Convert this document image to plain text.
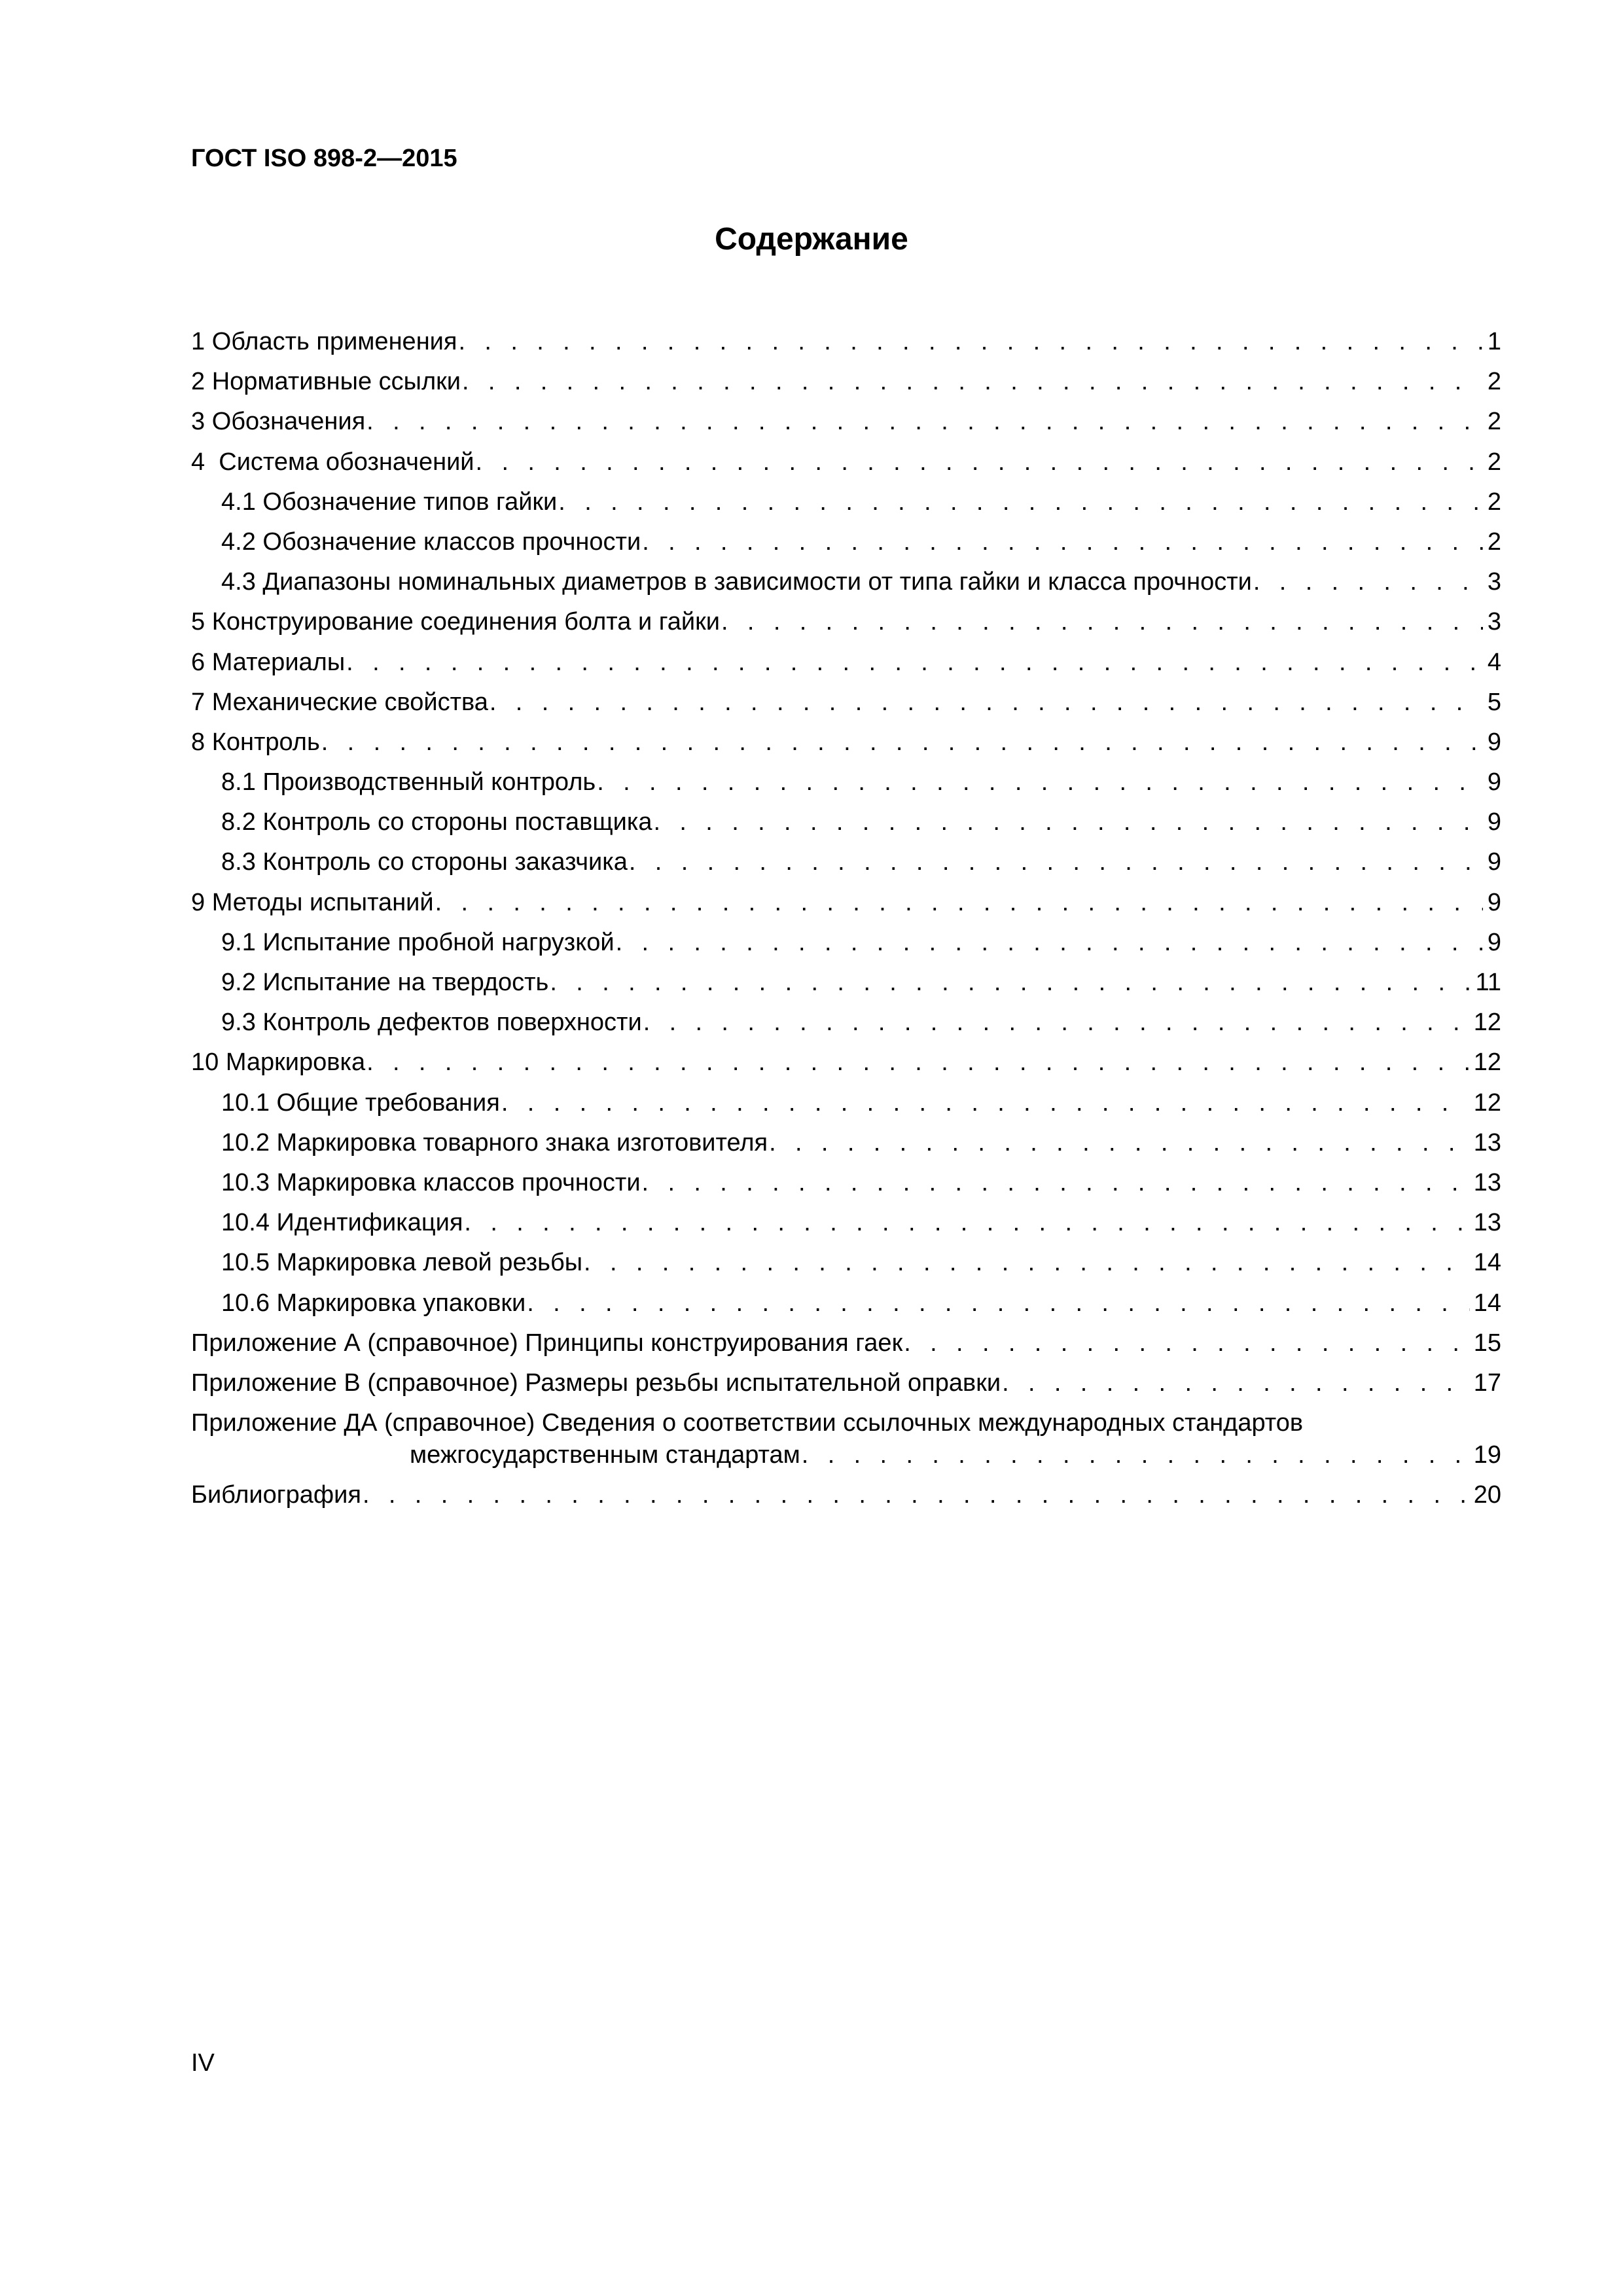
ГОСТ ISO 898-2—2015
Содержание
1 Область применения . . .	1
2 Нормативные ссылки . . .	2
3 Обозначения . . .	2
4  Система обозначений . . .	2
4.1 Обозначение типов гайки . . .	2
4.2 Обозначение классов прочности . . .	2
4.3 Диапазоны номинальных диаметров в зависимости от типа гайки и класса прочности . . .	3
5 Конструирование соединения болта и гайки . . .	3
6 Материалы . . .	4
7 Механические свойства . . .	5
8 Контроль . . .	9
8.1 Производственный контроль . . .	9
8.2 Контроль со стороны поставщика . . .	9
8.3 Контроль со стороны заказчика . . .	9
9 Методы испытаний . . .	9
9.1 Испытание пробной нагрузкой . . .	9
9.2 Испытание на твердость . . .	11
9.3 Контроль дефектов поверхности . . .	12
10 Маркировка . . .	12
10.1 Общие требования . . .	12
10.2 Маркировка товарного знака изготовителя . . .	13
10.3 Маркировка классов прочности . . .	13
10.4 Идентификация . . .	13
10.5 Маркировка левой резьбы . . .	14
10.6 Маркировка упаковки . . .	14
Приложение А (справочное) Принципы конструирования гаек . . .	15
Приложение В (справочное) Размеры резьбы испытательной оправки . . .	17
Приложение ДА (справочное) Сведения о соответствии ссылочных международных стандартов
межгосударственным стандартам . . .	19
Библиография . . .	20
IV
